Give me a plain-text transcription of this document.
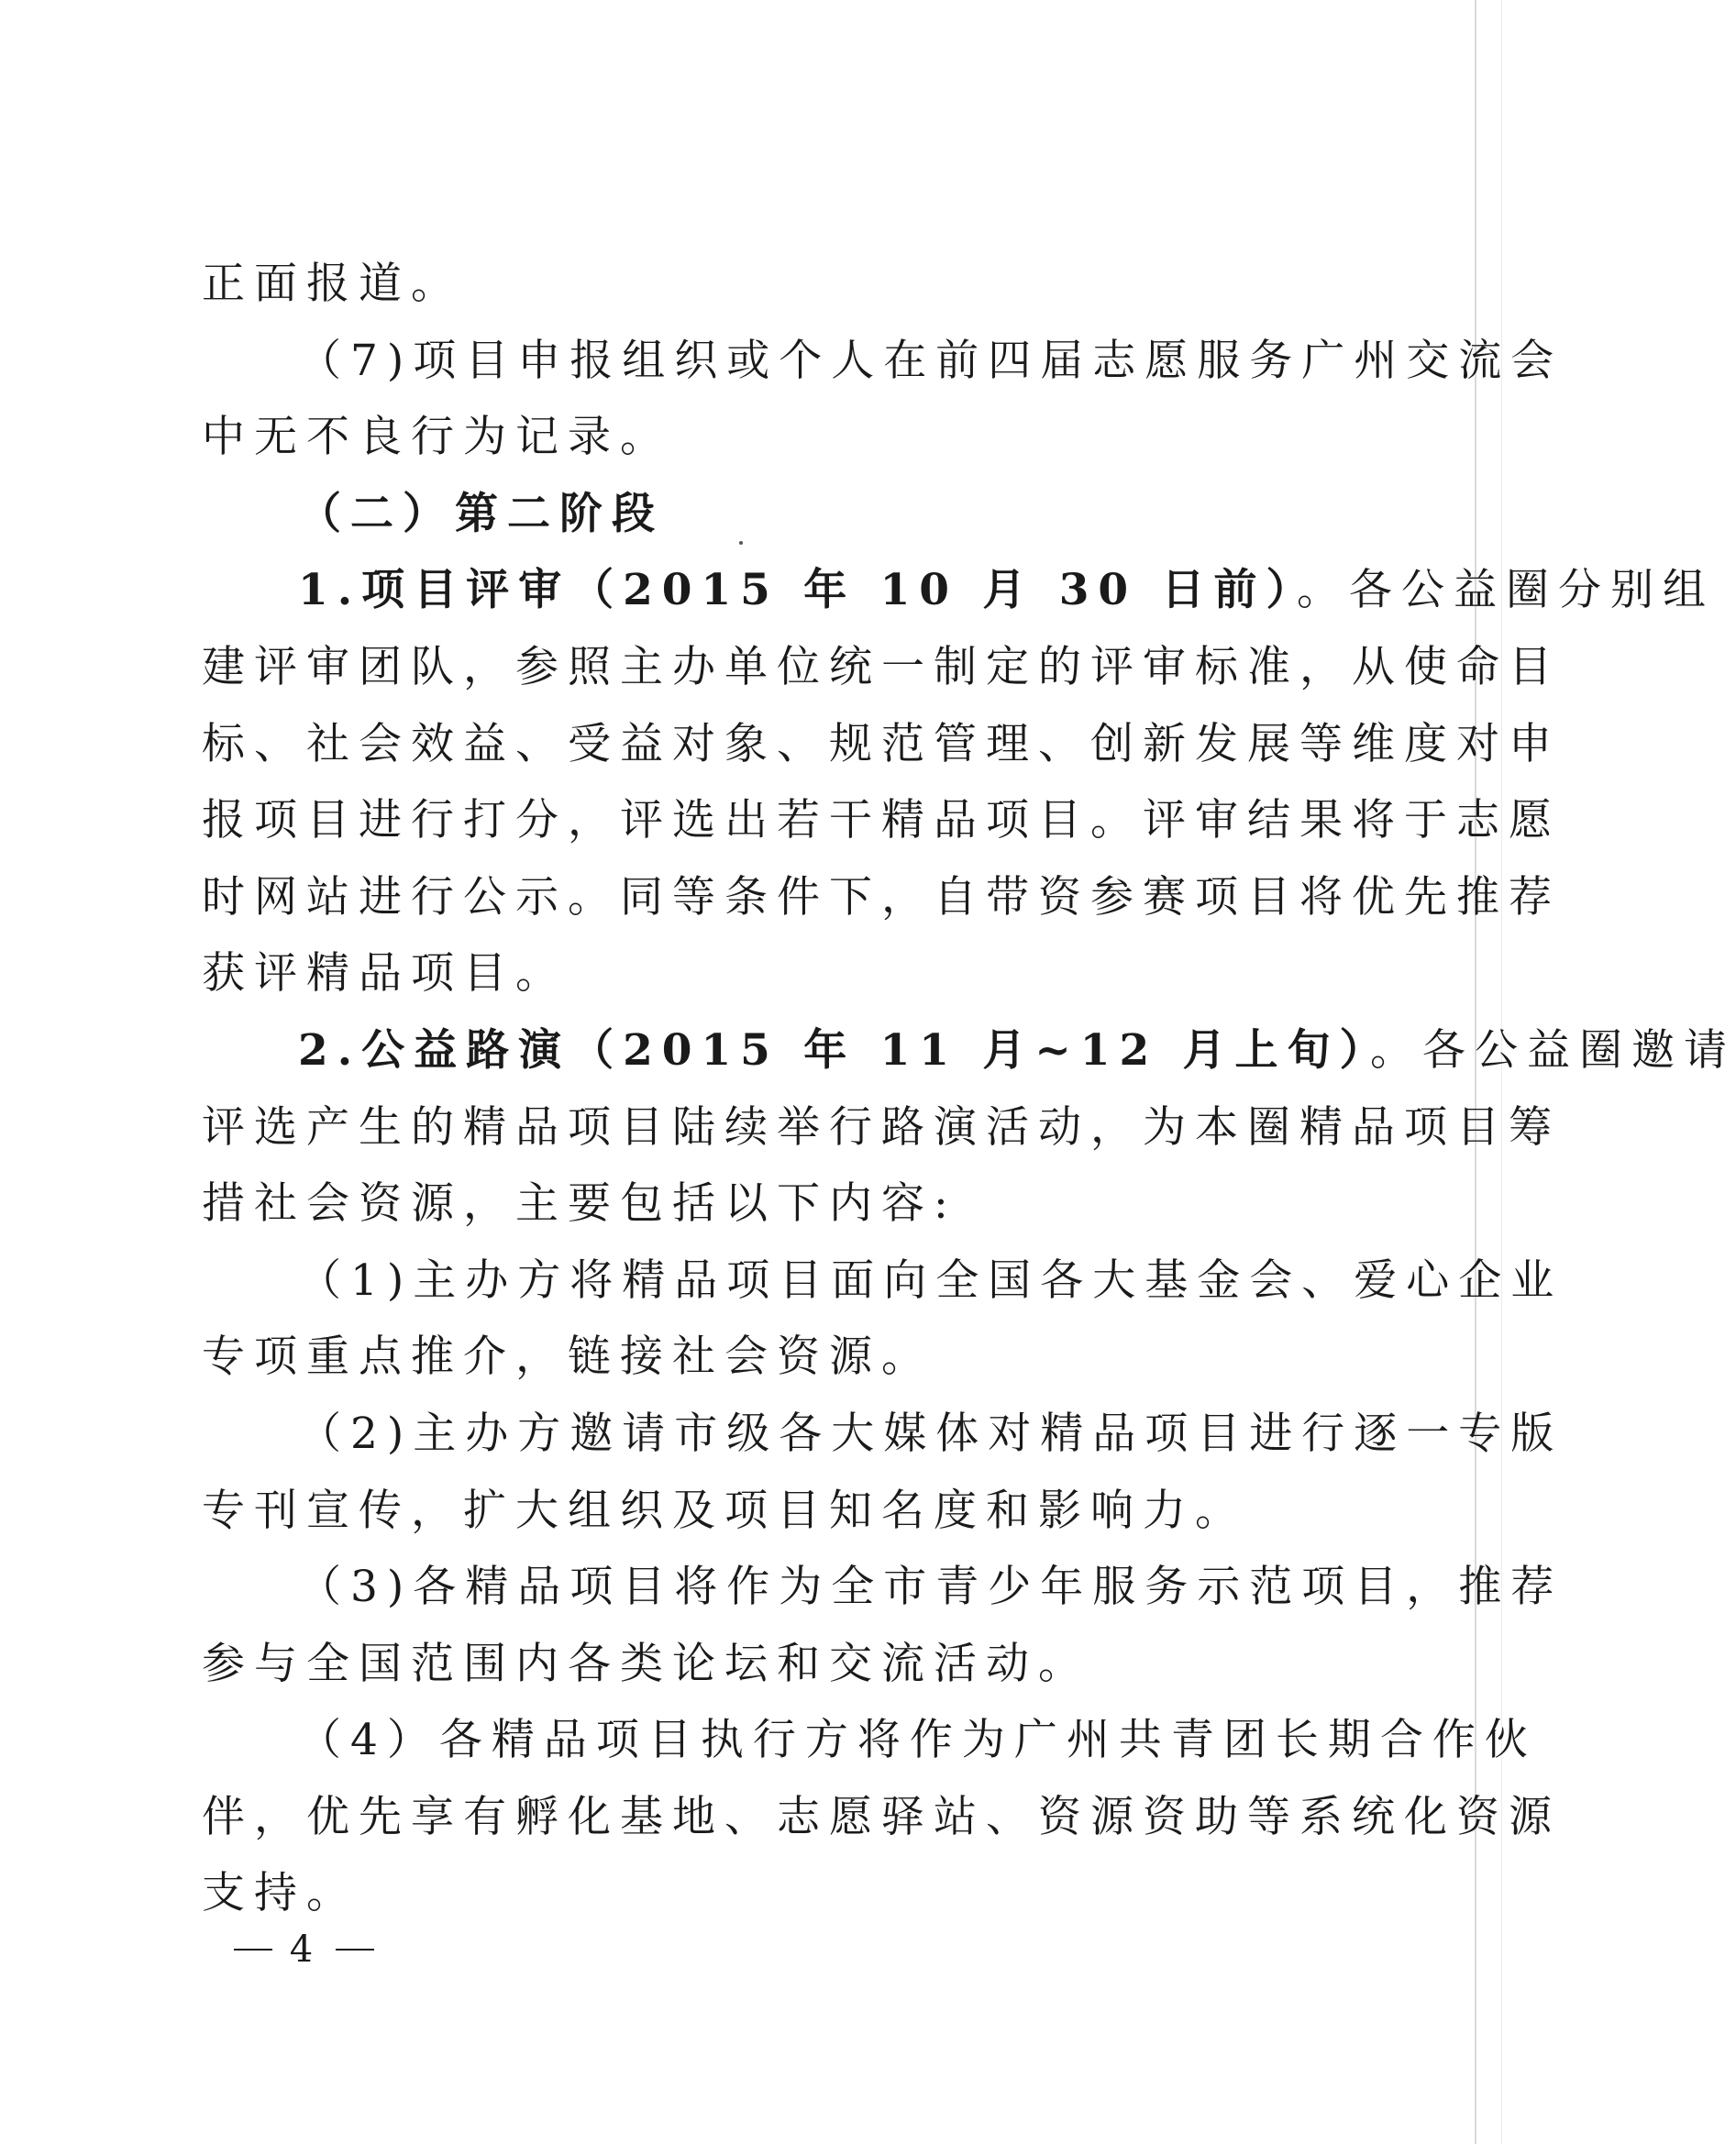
正面报道。
（7)项目申报组织或个人在前四届志愿服务广州交流会
中无不良行为记录。
（二）第二阶段
1.项目评审（2015 年 10 月 30 日前）。各公益圈分别组
建评审团队，参照主办单位统一制定的评审标准，从使命目
标、社会效益、受益对象、规范管理、创新发展等维度对申
报项目进行打分，评选出若干精品项目。评审结果将于志愿
时网站进行公示。同等条件下，自带资参赛项目将优先推荐
获评精品项目。
2.公益路演（2015 年 11 月~12 月上旬）。各公益圈邀请
评选产生的精品项目陆续举行路演活动，为本圈精品项目筹
措社会资源，主要包括以下内容:
（1)主办方将精品项目面向全国各大基金会、爱心企业
专项重点推介，链接社会资源。
（2)主办方邀请市级各大媒体对精品项目进行逐一专版
专刊宣传，扩大组织及项目知名度和影响力。
（3)各精品项目将作为全市青少年服务示范项目，推荐
参与全国范围内各类论坛和交流活动。
（4）各精品项目执行方将作为广州共青团长期合作伙
伴，优先享有孵化基地、志愿驿站、资源资助等系统化资源
支持。
4
